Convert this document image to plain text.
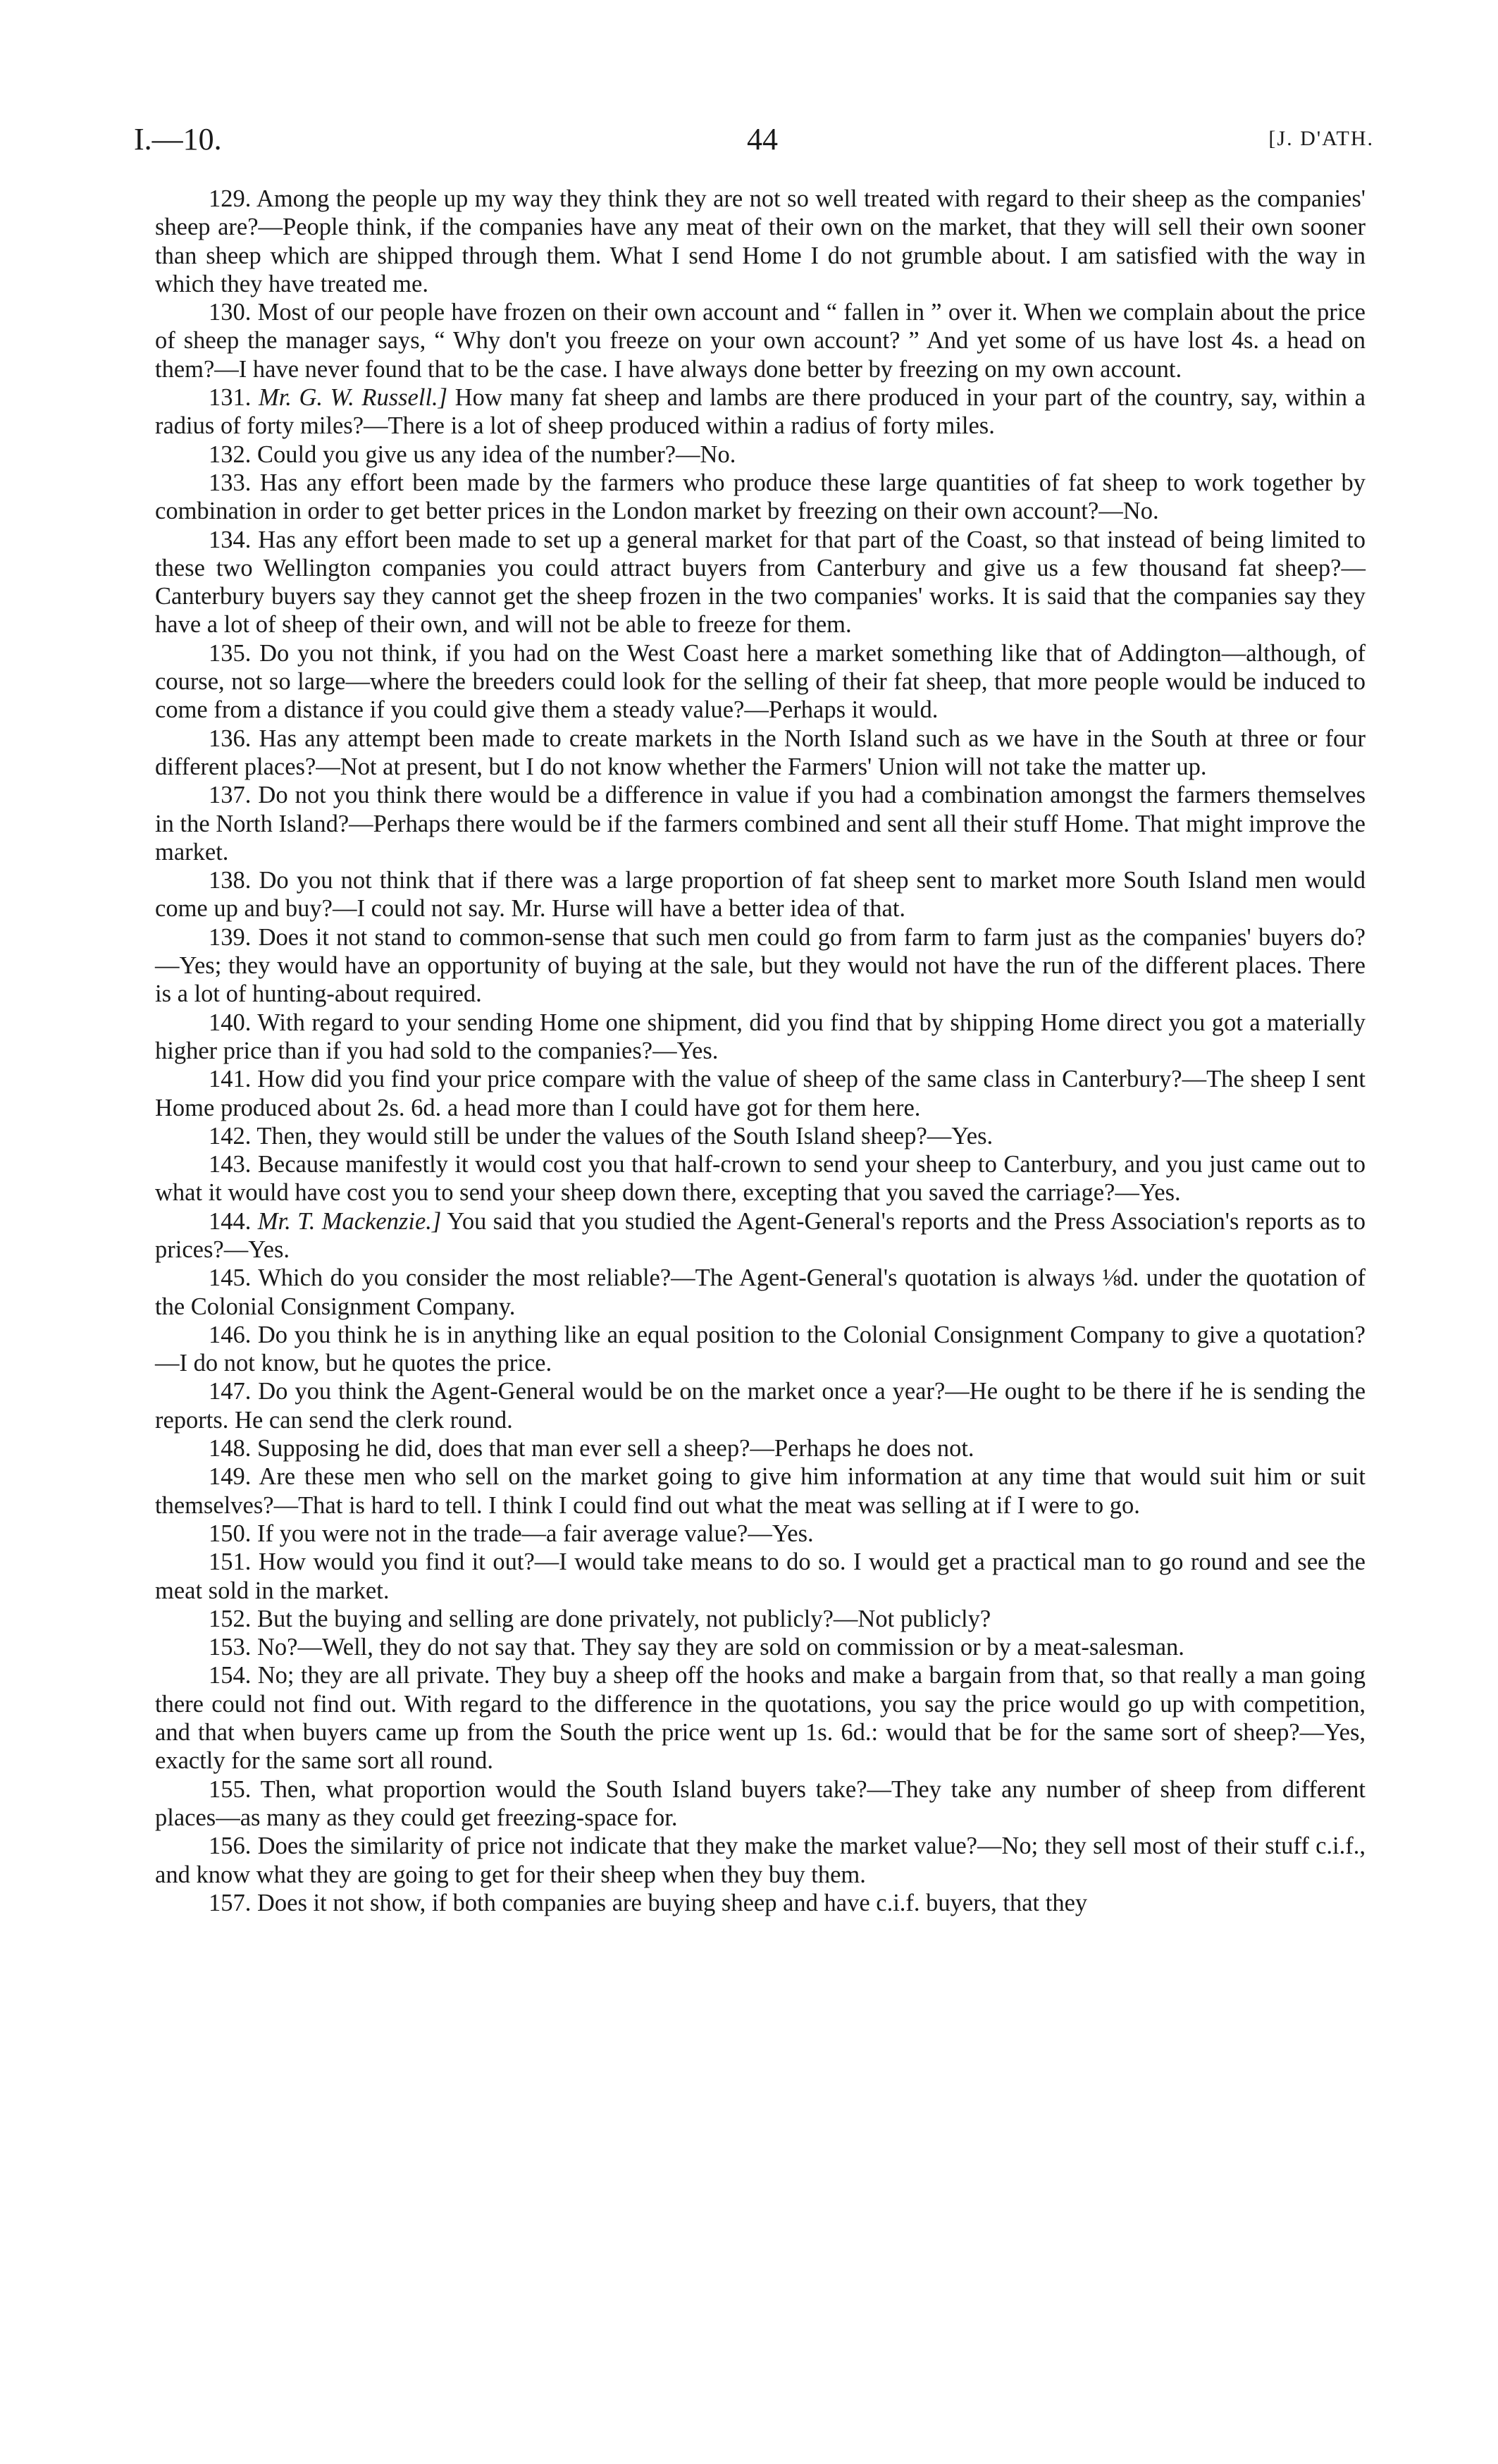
I.—10.	44	[J. D'ATH.

129. Among the people up my way they think they are not so well treated with regard to their sheep as the companies' sheep are?—People think, if the companies have any meat of their own on the market, that they will sell their own sooner than sheep which are shipped through them. What I send Home I do not grumble about. I am satisfied with the way in which they have treated me.

130. Most of our people have frozen on their own account and “ fallen in ” over it. When we complain about the price of sheep the manager says, “ Why don't you freeze on your own account? ” And yet some of us have lost 4s. a head on them?—I have never found that to be the case. I have always done better by freezing on my own account.

131. Mr. G. W. Russell.] How many fat sheep and lambs are there produced in your part of the country, say, within a radius of forty miles?—There is a lot of sheep produced within a radius of forty miles.

132. Could you give us any idea of the number?—No.

133. Has any effort been made by the farmers who produce these large quantities of fat sheep to work together by combination in order to get better prices in the London market by freezing on their own account?—No.

134. Has any effort been made to set up a general market for that part of the Coast, so that instead of being limited to these two Wellington companies you could attract buyers from Canterbury and give us a few thousand fat sheep?—Canterbury buyers say they cannot get the sheep frozen in the two companies' works. It is said that the companies say they have a lot of sheep of their own, and will not be able to freeze for them.

135. Do you not think, if you had on the West Coast here a market something like that of Addington—although, of course, not so large—where the breeders could look for the selling of their fat sheep, that more people would be induced to come from a distance if you could give them a steady value?—Perhaps it would.

136. Has any attempt been made to create markets in the North Island such as we have in the South at three or four different places?—Not at present, but I do not know whether the Farmers' Union will not take the matter up.

137. Do not you think there would be a difference in value if you had a combination amongst the farmers themselves in the North Island?—Perhaps there would be if the farmers combined and sent all their stuff Home. That might improve the market.

138. Do you not think that if there was a large proportion of fat sheep sent to market more South Island men would come up and buy?—I could not say. Mr. Hurse will have a better idea of that.

139. Does it not stand to common-sense that such men could go from farm to farm just as the companies' buyers do?—Yes; they would have an opportunity of buying at the sale, but they would not have the run of the different places. There is a lot of hunting-about required.

140. With regard to your sending Home one shipment, did you find that by shipping Home direct you got a materially higher price than if you had sold to the companies?—Yes.

141. How did you find your price compare with the value of sheep of the same class in Canterbury?—The sheep I sent Home produced about 2s. 6d. a head more than I could have got for them here.

142. Then, they would still be under the values of the South Island sheep?—Yes.

143. Because manifestly it would cost you that half-crown to send your sheep to Canterbury, and you just came out to what it would have cost you to send your sheep down there, excepting that you saved the carriage?—Yes.

144. Mr. T. Mackenzie.] You said that you studied the Agent-General's reports and the Press Association's reports as to prices?—Yes.

145. Which do you consider the most reliable?—The Agent-General's quotation is always ⅛d. under the quotation of the Colonial Consignment Company.

146. Do you think he is in anything like an equal position to the Colonial Consignment Company to give a quotation?—I do not know, but he quotes the price.

147. Do you think the Agent-General would be on the market once a year?—He ought to be there if he is sending the reports. He can send the clerk round.

148. Supposing he did, does that man ever sell a sheep?—Perhaps he does not.

149. Are these men who sell on the market going to give him information at any time that would suit him or suit themselves?—That is hard to tell. I think I could find out what the meat was selling at if I were to go.

150. If you were not in the trade—a fair average value?—Yes.

151. How would you find it out?—I would take means to do so. I would get a practical man to go round and see the meat sold in the market.

152. But the buying and selling are done privately, not publicly?—Not publicly?

153. No?—Well, they do not say that. They say they are sold on commission or by a meat-salesman.

154. No; they are all private. They buy a sheep off the hooks and make a bargain from that, so that really a man going there could not find out. With regard to the difference in the quotations, you say the price would go up with competition, and that when buyers came up from the South the price went up 1s. 6d.: would that be for the same sort of sheep?—Yes, exactly for the same sort all round.

155. Then, what proportion would the South Island buyers take?—They take any number of sheep from different places—as many as they could get freezing-space for.

156. Does the similarity of price not indicate that they make the market value?—No; they sell most of their stuff c.i.f., and know what they are going to get for their sheep when they buy them.

157. Does it not show, if both companies are buying sheep and have c.i.f. buyers, that they
